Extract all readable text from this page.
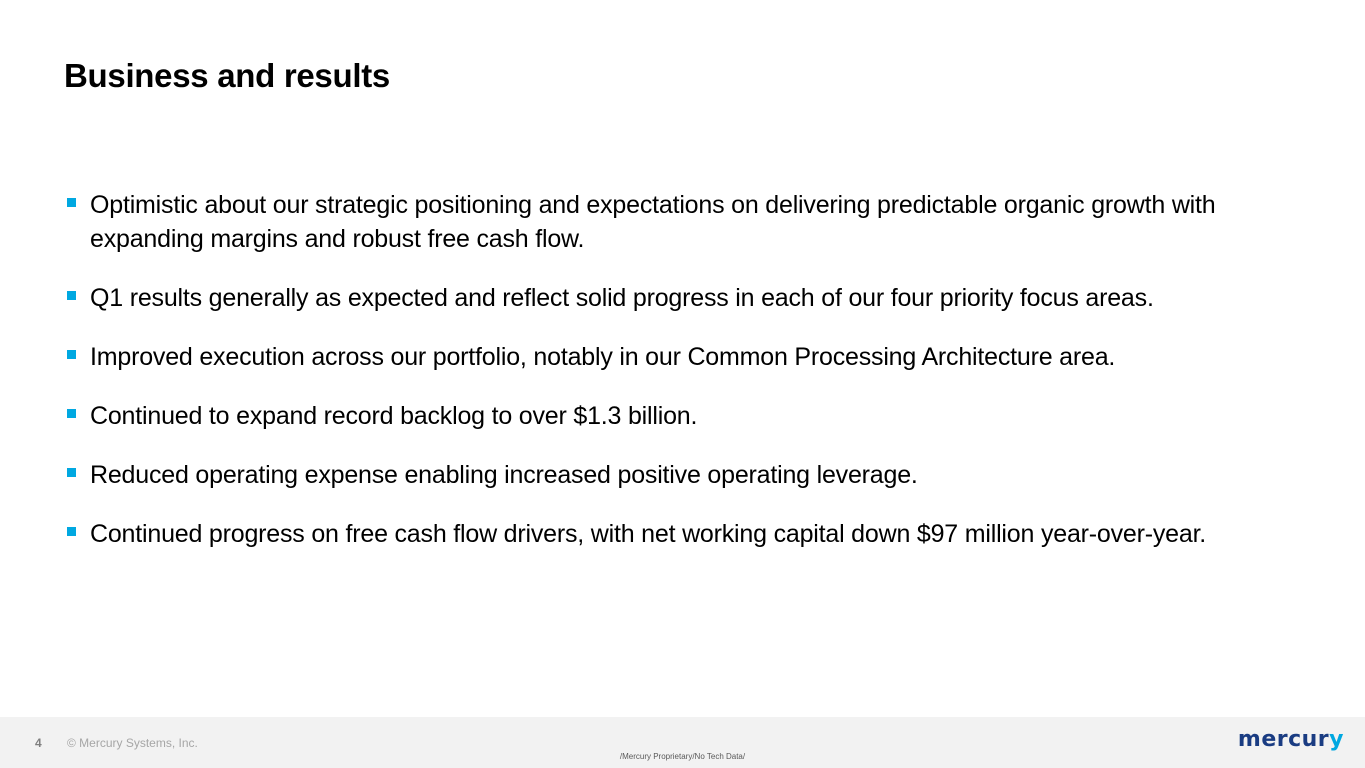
Business and results
Optimistic about our strategic positioning and expectations on delivering predictable organic growth with expanding margins and robust free cash flow.
Q1 results generally as expected and reflect solid progress in each of our four priority focus areas.
Improved execution across our portfolio, notably in our Common Processing Architecture area.
Continued to expand record backlog to over $1.3 billion.
Reduced operating expense enabling increased positive operating leverage.
Continued progress on free cash flow drivers, with net working capital down $97 million year-over-year.
4 © Mercury Systems, Inc.
/Mercury Proprietary/No Tech Data/
mercury
